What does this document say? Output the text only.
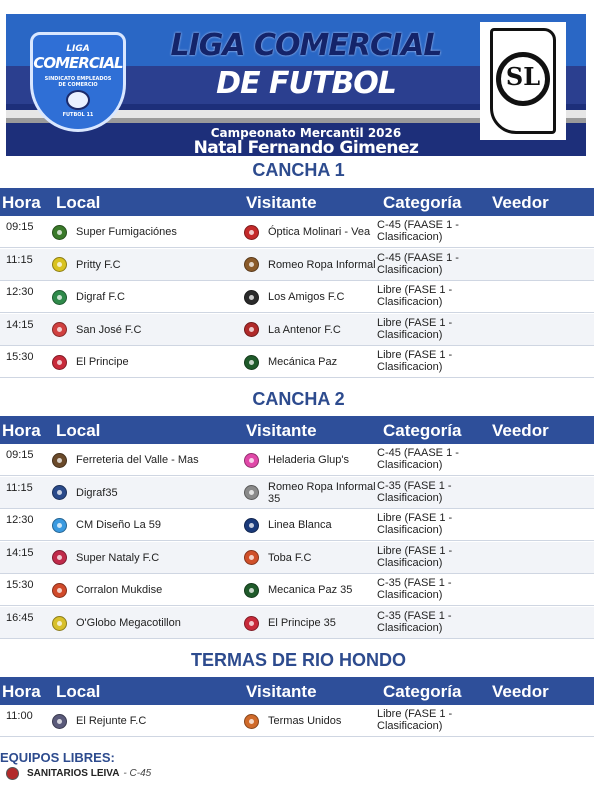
LIGA
COMERCIAL
SINDICATO EMPLEADOS DE COMERCIO
FUTBOL 11
LIGA COMERCIAL
DE FUTBOL
Campeonato Mercantil 2026
Natal Fernando Gimenez
SL
CANCHA 1
Hora Local	Visitante	Categoría Veedor
09:15	Super Fumigaciónes	Óptica Molinari - Vea
C-45 (FAASE 1 - Clasificacion)
11:15	Pritty F.C	Romeo Ropa Informal
C-45 (FAASE 1 - Clasificacion)
12:30	Digraf F.C	Los Amigos F.C
Libre (FASE 1 - Clasificacion)
14:15	San José F.C	La Antenor F.C
Libre (FASE 1 - Clasificacion)
15:30	El Principe	Mecánica Paz
Libre (FASE 1 - Clasificacion)
CANCHA 2
Hora Local	Visitante	Categoría Veedor
09:15	Ferreteria del Valle - Mas	Heladeria Glup's
C-45 (FAASE 1 - Clasificacion)
11:15	Digraf35	Romeo Ropa Informal 35
C-35 (FASE 1 - Clasificacion)
12:30	CM Diseño La 59	Linea Blanca
Libre (FASE 1 - Clasificacion)
14:15	Super Nataly F.C	Toba F.C
Libre (FASE 1 - Clasificacion)
15:30	Corralon Mukdise	Mecanica Paz 35
C-35 (FASE 1 - Clasificacion)
16:45	O'Globo Megacotillon	El Principe 35
C-35 (FASE 1 - Clasificacion)
TERMAS DE RIO HONDO
Hora Local	Visitante	Categoría Veedor
11:00	El Rejunte F.C	Termas Unidos
Libre (FASE 1 - Clasificacion)
EQUIPOS LIBRES:
SANITARIOS LEIVA - C-45
